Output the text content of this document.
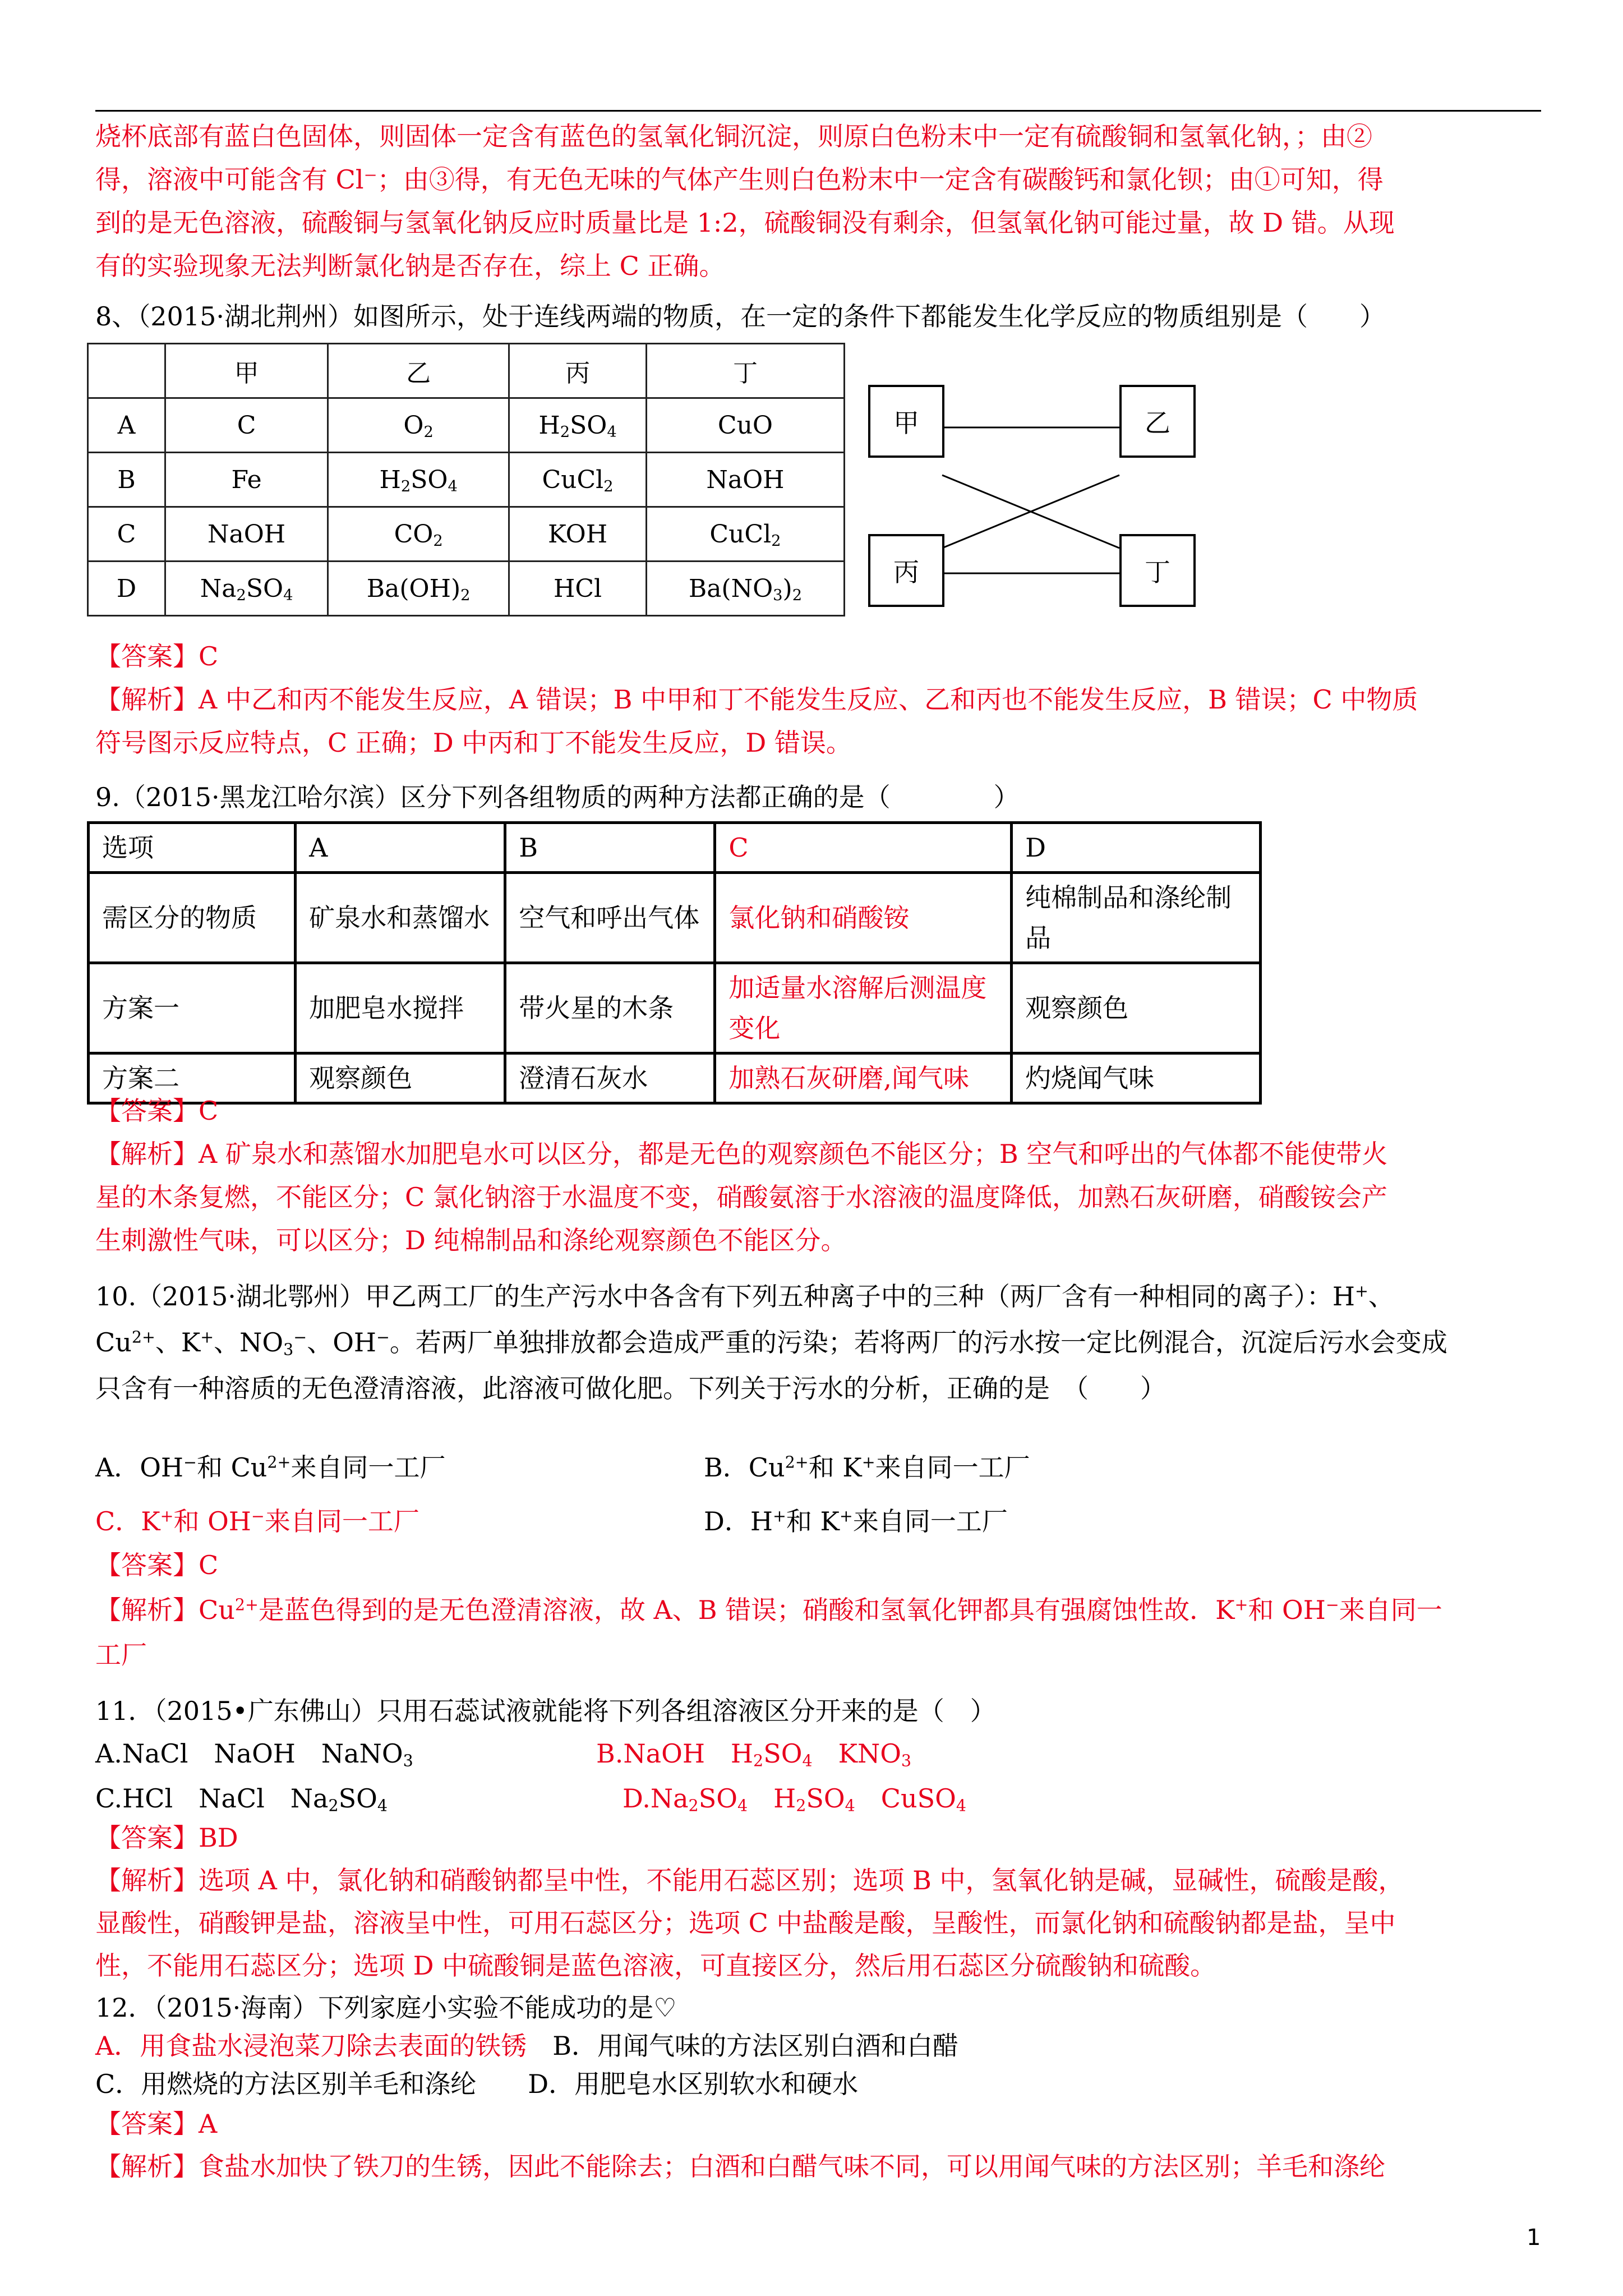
烧杯底部有蓝白色固体，则固体一定含有蓝色的氢氧化铜沉淀，则原白色粉末中一定有硫酸铜和氢氧化钠，；由②

得，溶液中可能含有 Cl⁻；由③得，有无色无味的气体产生则白色粉末中一定含有碳酸钙和氯化钡；由①可知，得

到的是无色溶液，硫酸铜与氢氧化钠反应时质量比是 1:2，硫酸铜没有剩余，但氢氧化钠可能过量，故 D 错。从现

有的实验现象无法判断氯化钠是否存在，综上 C 正确。

8、（2015·湖北荆州）如图所示，处于连线两端的物质，在一定的条件下都能发生化学反应的物质组别是（　　）

	甲	乙	丙	丁
A	C	$O_2$	$H_2SO_4$	CuO
B	Fe	$H_2SO_4$	CuCl$_2$	NaOH
C	NaOH	$CO_2$	KOH	CuCl$_2$
D	$Na_2SO_4$	$Ba(OH)_2$	HCl	$Ba(NO_3)_2$
甲	乙
丙	丁

【答案】C

【解析】A 中乙和丙不能发生反应，A 错误；B 中甲和丁不能发生反应、乙和丙也不能发生反应，B 错误；C 中物质

符号图示反应特点，C 正确；D 中丙和丁不能发生反应，D 错误。

9.（2015·黑龙江哈尔滨）区分下列各组物质的两种方法都正确的是（　　　　）

选项	A	B	C	D
需区分的物质	矿泉水和蒸馏水	空气和呼出气体	氯化钠和硝酸铵	纯棉制品和涤纶制品
方案一	加肥皂水搅拌	带火星的木条	加适量水溶解后测温度变化	观察颜色
方案二	观察颜色	澄清石灰水	加熟石灰研磨,闻气味	灼烧闻气味

【答案】C

【解析】A 矿泉水和蒸馏水加肥皂水可以区分，都是无色的观察颜色不能区分；B 空气和呼出的气体都不能使带火

星的木条复燃，不能区分；C 氯化钠溶于水温度不变，硝酸氨溶于水溶液的温度降低，加熟石灰研磨，硝酸铵会产

生刺激性气味，可以区分；D 纯棉制品和涤纶观察颜色不能区分。

10.（2015·湖北鄂州）甲乙两工厂的生产污水中各含有下列五种离子中的三种（两厂含有一种相同的离子）：H+、

$Cu^{2+}$、K+、$NO_3^-$、OH−。若两厂单独排放都会造成严重的污染；若将两厂的污水按一定比例混合，沉淀后污水会变成

只含有一种溶质的无色澄清溶液，此溶液可做化肥。下列关于污水的分析，正确的是　（　　）

A．OH−和 $Cu^{2+}$来自同一工厂	B．$Cu^{2+}$和 K+来自同一工厂
C．K+和 OH−来自同一工厂	D．H+和 K+来自同一工厂

【答案】C

【解析】$Cu^{2+}$是蓝色得到的是无色澄清溶液，故 A、B 错误；硝酸和氢氧化钾都具有强腐蚀性故．K+和 OH−来自同一

工厂

11．（2015•广东佛山）只用石蕊试液就能将下列各组溶液区分开来的是（　）

A.NaCl　NaOH　NaNO$_3$	B.NaOH　$H_2SO_4$　$KNO_3$
C.HCl　NaCl　$Na_2SO_4$	$D.Na_2SO_4$　$H_2SO_4$　CuSO$_4$

【答案】BD

【解析】选项 A 中，氯化钠和硝酸钠都呈中性，不能用石蕊区别；选项 B 中，氢氧化钠是碱，显碱性，硫酸是酸，

显酸性，硝酸钾是盐，溶液呈中性，可用石蕊区分；选项 C 中盐酸是酸，呈酸性，而氯化钠和硫酸钠都是盐，呈中

性，不能用石蕊区分；选项 D 中硫酸铜是蓝色溶液，可直接区分，然后用石蕊区分硫酸钠和硫酸。

12．（2015·海南）下列家庭小实验不能成功的是♡

A．用食盐水浸泡菜刀除去表面的铁锈　 B．用闻气味的方法区别白酒和白醋

C．用燃烧的方法区别羊毛和涤纶　　 D．用肥皂水区别软水和硬水

【答案】A

【解析】食盐水加快了铁刀的生锈，因此不能除去；白酒和白醋气味不同，可以用闻气味的方法区别；羊毛和涤纶

1
